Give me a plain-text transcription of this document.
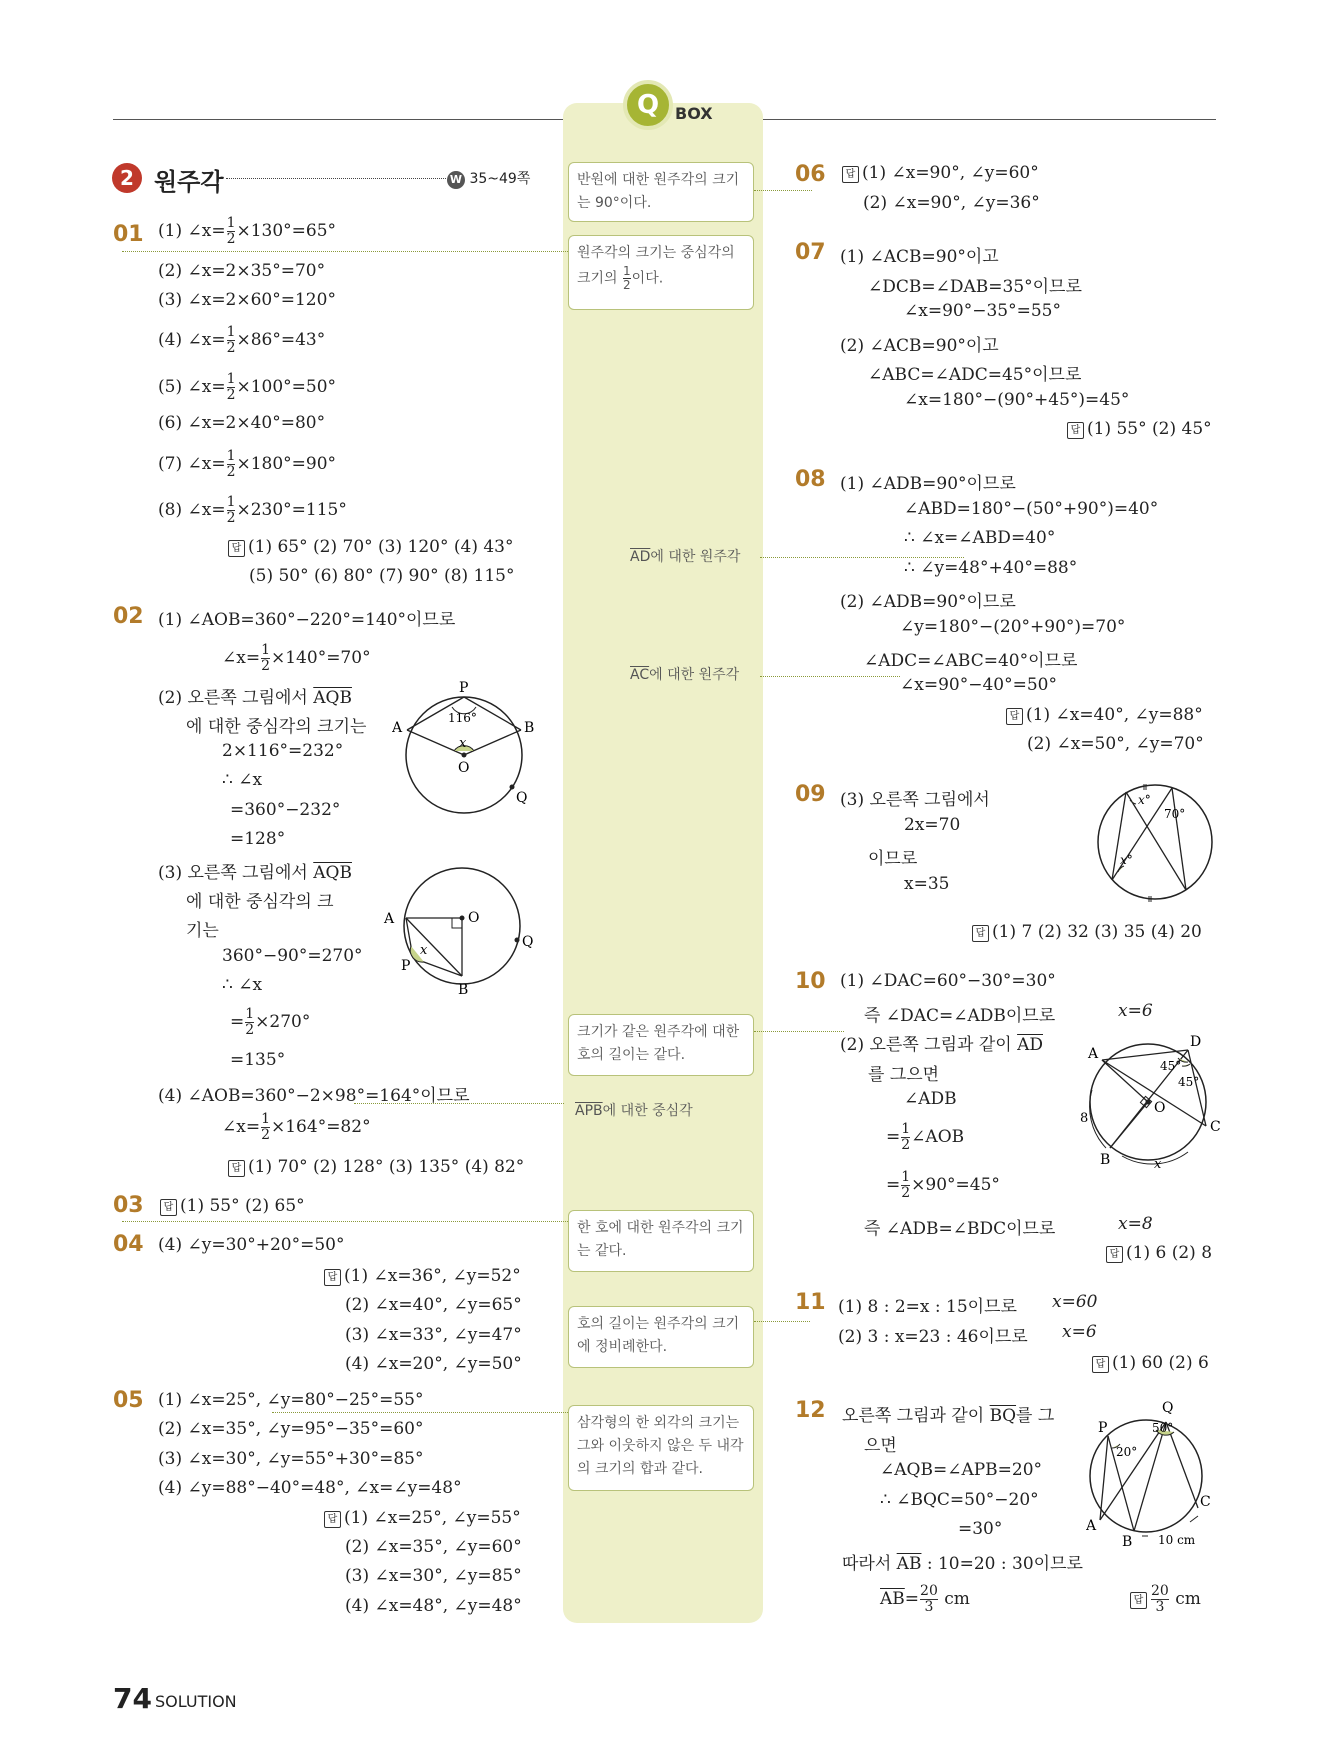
Q BOX
2 원주각	W 35~49쪽
01 (1) ∠x= $\frac{1}{2} \times 130^\circ=65^\circ$
(2) ∠x=2×35°=70°
(3) ∠x=2×60°=120°
(4) ∠x= $\frac{1}{2} \times 86^\circ=43^\circ$
(5) ∠x= $\frac{1}{2} \times 100^\circ=50^\circ$
(6) ∠x=2×40°=80°
(7) ∠x= $\frac{1}{2} \times 180^\circ=90^\circ$
(8) ∠x= $\frac{1}{2} \times 230^\circ=115^\circ$
답 (1) 65° (2) 70° (3) 120° (4) 43°
(5) 50° (6) 80° (7) 90° (8) 115°
02 (1) ∠AOB=360°−220°=140°이므로
∠x= $\frac{1}{2} \times 140^\circ=70^\circ$
(2) 오른쪽 그림에서 $\overline{AQB}$
에 대한 중심각의 크기는
2×116°=232°
∴ ∠x
=360°−232°
=128°
P
A	B
O
Q
116°
x
(3) 오른쪽 그림에서 $\overline{AQB}$
에 대한 중심각의 크
기는
360°−90°=270°
∴ ∠x
= $\frac{1}{2} \times 270^\circ$
=135°
A	O
Q
P
B
x
(4) ∠AOB=360°−2×98°=164°이므로
∠x= $\frac{1}{2} \times 164^\circ=82^\circ$
답 (1) 70° (2) 128° (3) 135° (4) 82°
03	답 (1) 55° (2) 65°
04 (4) ∠y=30°+20°=50°
답 (1) ∠x=36°, ∠y=52°
(2) ∠x=40°, ∠y=65°
(3) ∠x=33°, ∠y=47°
(4) ∠x=20°, ∠y=50°
05 (1) ∠x=25°, ∠y=80°−25°=55°
(2) ∠x=35°, ∠y=95°−35°=60°
(3) ∠x=30°, ∠y=55°+30°=85°
(4) ∠y=88°−40°=48°, ∠x=∠y=48°
답 (1) ∠x=25°, ∠y=55°
(2) ∠x=35°, ∠y=60°
(3) ∠x=30°, ∠y=85°
(4) ∠x=48°, ∠y=48°
반원에 대한 원주각의 크기는 90°이다.
원주각의 크기는 중심각의 크기의 $\frac{1}{2}$ 이다.
$\overline{AD}$에 대한 원주각
$\overline{AC}$에 대한 원주각
크기가 같은 원주각에 대한 호의 길이는 같다.
$\overline{APB}$에 대한 중심각
한 호에 대한 원주각의 크기는 같다.
호의 길이는 원주각의 크기에 정비례한다.
삼각형의 한 외각의 크기는 그와 이웃하지 않은 두 내각의 크기의 합과 같다.
06	답 (1) ∠x=90°, ∠y=60°
(2) ∠x=90°, ∠y=36°
07 (1) ∠ACB=90°이고
∠DCB=∠DAB=35°이므로
∠x=90°−35°=55°
(2) ∠ACB=90°이고
∠ABC=∠ADC=45°이므로
∠x=180°−(90°+45°)=45°
답 (1) 55° (2) 45°
08 (1) ∠ADB=90°이므로
∠ABD=180°−(50°+90°)=40°
∴ ∠x=∠ABD=40°
∴ ∠y=48°+40°=88°
(2) ∠ADB=90°이므로
∠y=180°−(20°+90°)=70°
∠ADC=∠ABC=40°이므로
∠x=90°−40°=50°
답 (1) ∠x=40°, ∠y=88°
(2) ∠x=50°, ∠y=70°
09 (3) 오른쪽 그림에서
2x=70
이므로
x=35
x°
x°
70°
답 (1) 7 (2) 32 (3) 35 (4) 20
10 (1) ∠DAC=60°−30°=30°
즉 ∠DAC=∠ADB이므로	x=6
(2) 오른쪽 그림과 같이 $\overline{AD}$
를 그으면
∠ADB
= $\frac{1}{2}$ ∠AOB
= $\frac{1}{2} \times 90^\circ=45^\circ$
즉 ∠ADB=∠BDC이므로	x=8
A
D
O
B
C
45°
45°
8
x
답 (1) 6 (2) 8
11 (1) 8 : 2=x : 15이므로 x=60
(2) 3 : x=23 : 46이므로 x=6
답 (1) 60 (2) 6
12 오른쪽 그림과 같이 $\overline{BQ}$를 그
으면
∠AQB=∠APB=20°
∴ ∠BQC=50°−20°
=30°
따라서 $\overline{AB}$ : 10=20 : 30이므로
$\overline{AB}= \frac{20}{3}$ cm	답 $\frac{20}{3}$ cm
P
Q
A
B
C
50°
20°
10 cm
74 SOLUTION
